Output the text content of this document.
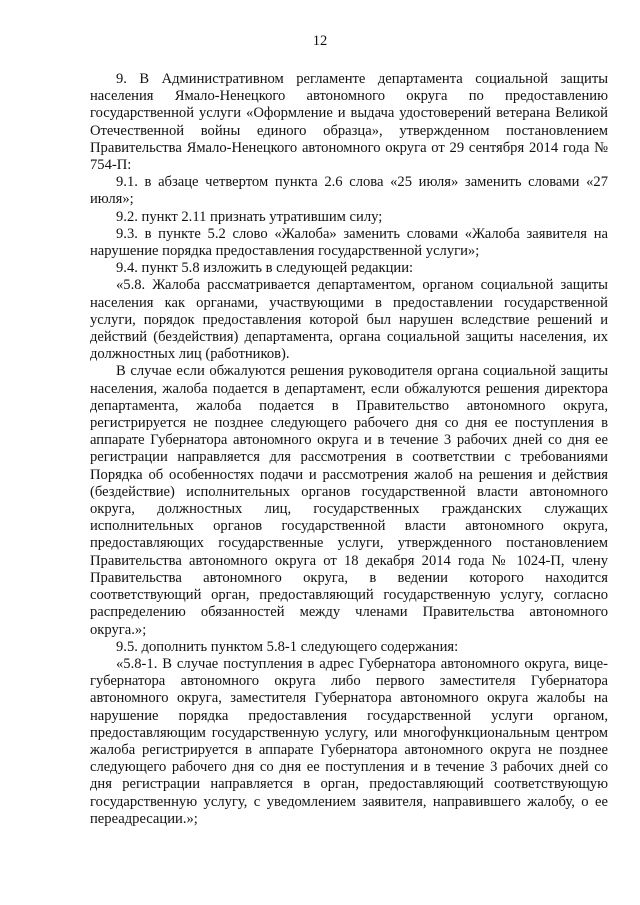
12

9. В Административном регламенте департамента социальной защиты населения Ямало-Ненецкого автономного округа по предоставлению государственной услуги «Оформление и выдача удостоверений ветерана Великой Отечественной войны единого образца», утвержденном постановлением Правительства Ямало-Ненецкого автономного округа от 29 сентября 2014 года № 754-П:

9.1. в абзаце четвертом пункта 2.6 слова «25 июля» заменить словами «27 июля»;

9.2. пункт 2.11 признать утратившим силу;

9.3. в пункте 5.2 слово «Жалоба» заменить словами «Жалоба заявителя на нарушение порядка предоставления государственной услуги»;

9.4. пункт 5.8 изложить в следующей редакции:

«5.8. Жалоба рассматривается департаментом, органом социальной защиты населения как органами, участвующими в предоставлении государственной услуги, порядок предоставления которой был нарушен вследствие решений и действий (бездействия) департамента, органа социальной защиты населения, их должностных лиц (работников).

В случае если обжалуются решения руководителя органа социальной защиты населения, жалоба подается в департамент, если обжалуются решения директора департамента, жалоба подается в Правительство автономного округа, регистрируется не позднее следующего рабочего дня со дня ее поступления в аппарате Губернатора автономного округа и в течение 3 рабочих дней со дня ее регистрации направляется для рассмотрения в соответствии с требованиями Порядка об особенностях подачи и рассмотрения жалоб на решения и действия (бездействие) исполнительных органов государственной власти автономного округа, должностных лиц, государственных гражданских служащих исполнительных органов государственной власти автономного округа, предоставляющих государственные услуги, утвержденного постановлением Правительства автономного округа от 18 декабря 2014 года № 1024-П, члену Правительства автономного округа, в ведении которого находится соответствующий орган, предоставляющий государственную услугу, согласно распределению обязанностей между членами Правительства автономного округа.»;

9.5. дополнить пунктом 5.8-1 следующего содержания:

«5.8-1. В случае поступления в адрес Губернатора автономного округа, вице-губернатора автономного округа либо первого заместителя Губернатора автономного округа, заместителя Губернатора автономного округа жалобы на нарушение порядка предоставления государственной услуги органом, предоставляющим государственную услугу, или многофункциональным центром жалоба регистрируется в аппарате Губернатора автономного округа не позднее следующего рабочего дня со дня ее поступления и в течение 3 рабочих дней со дня регистрации направляется в орган, предоставляющий соответствующую государственную услугу, с уведомлением заявителя, направившего жалобу, о ее переадресации.»;
